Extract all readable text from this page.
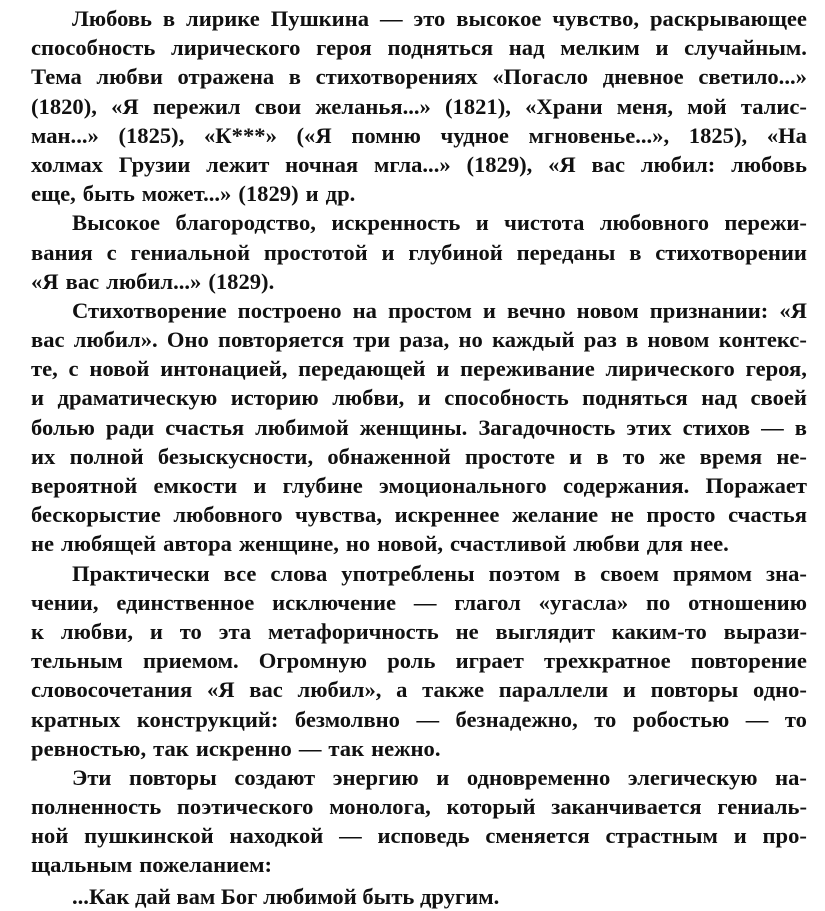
Любовь в лирике Пушкина — это высокое чувство, раскрывающее
способность лирического героя подняться над мелким и случайным.
Тема любви отражена в стихотворениях «Погасло дневное светило...»
(1820), «Я пережил свои желанья...» (1821), «Храни меня, мой талис-
ман...» (1825), «К***» («Я помню чудное мгновенье...», 1825), «На
холмах Грузии лежит ночная мгла...» (1829), «Я вас любил: любовь
еще, быть может...» (1829) и др.
Высокое благородство, искренность и чистота любовного пережи-
вания с гениальной простотой и глубиной переданы в стихотворении
«Я вас любил...» (1829).
Стихотворение построено на простом и вечно новом признании: «Я
вас любил». Оно повторяется три раза, но каждый раз в новом контекс-
те, с новой интонацией, передающей и переживание лирического героя,
и драматическую историю любви, и способность подняться над своей
болью ради счастья любимой женщины. Загадочность этих стихов — в
их полной безыскусности, обнаженной простоте и в то же время не-
вероятной емкости и глубине эмоционального содержания. Поражает
бескорыстие любовного чувства, искреннее желание не просто счастья
не любящей автора женщине, но новой, счастливой любви для нее.
Практически все слова употреблены поэтом в своем прямом зна-
чении, единственное исключение — глагол «угасла» по отношению
к любви, и то эта метафоричность не выглядит каким-то вырази-
тельным приемом. Огромную роль играет трехкратное повторение
словосочетания «Я вас любил», а также параллели и повторы одно-
кратных конструкций: безмолвно — безнадежно, то робостью — то
ревностью, так искренно — так нежно.
Эти повторы создают энергию и одновременно элегическую на-
полненность поэтического монолога, который заканчивается гениаль-
ной пушкинской находкой — исповедь сменяется страстным и про-
щальным пожеланием:
...Как дай вам Бог любимой быть другим.
